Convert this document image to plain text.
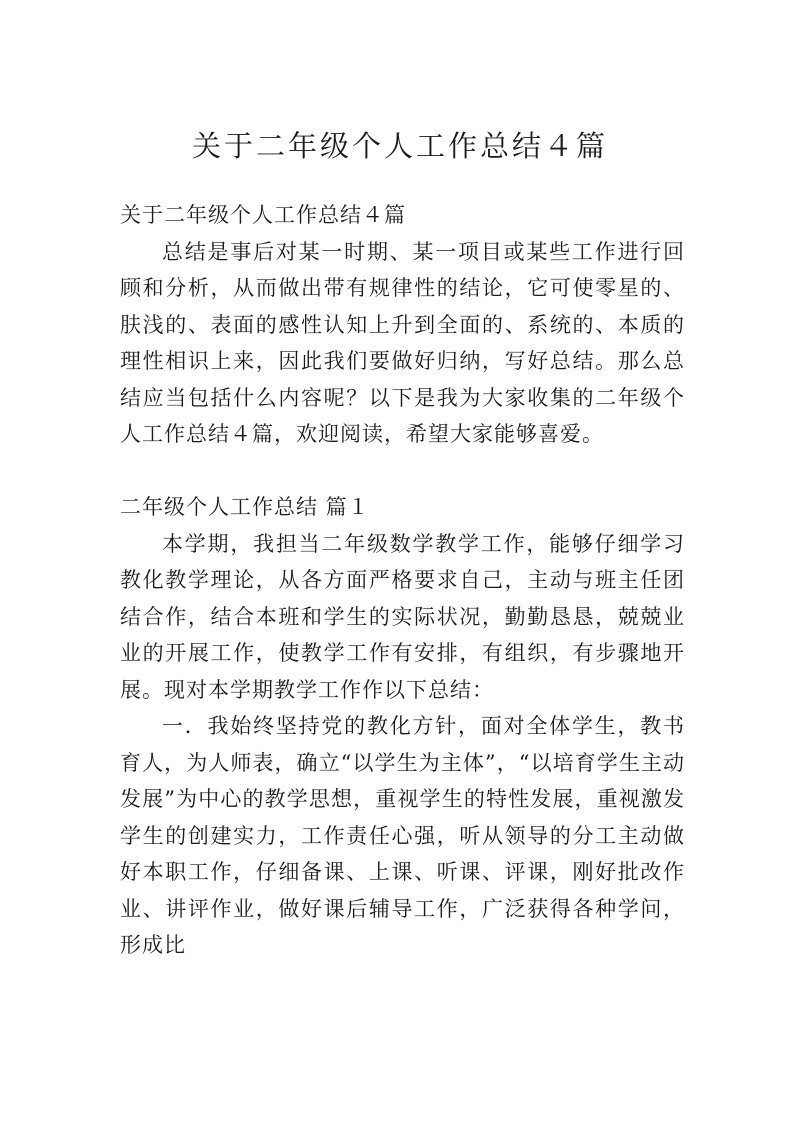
关于二年级个人工作总结４篇

关于二年级个人工作总结４篇

总结是事后对某一时期、某一项目或某些工作进行回顾和分析，从而做出带有规律性的结论，它可使零星的、肤浅的、表面的感性认知上升到全面的、系统的、本质的理性相识上来，因此我们要做好归纳，写好总结。那么总结应当包括什么内容呢？以下是我为大家收集的二年级个人工作总结４篇，欢迎阅读，希望大家能够喜爱。

二年级个人工作总结 篇１

本学期，我担当二年级数学教学工作，能够仔细学习教化教学理论，从各方面严格要求自己，主动与班主任团结合作，结合本班和学生的实际状况，勤勤恳恳，兢兢业业的开展工作，使教学工作有安排，有组织，有步骤地开展。现对本学期教学工作作以下总结：

一．我始终坚持党的教化方针，面对全体学生，教书育人，为人师表，确立“以学生为主体”，“以培育学生主动发展”为中心的教学思想，重视学生的特性发展，重视激发学生的创建实力，工作责任心强，听从领导的分工主动做好本职工作，仔细备课、上课、听课、评课，刚好批改作业、讲评作业，做好课后辅导工作，广泛获得各种学问，形成比
